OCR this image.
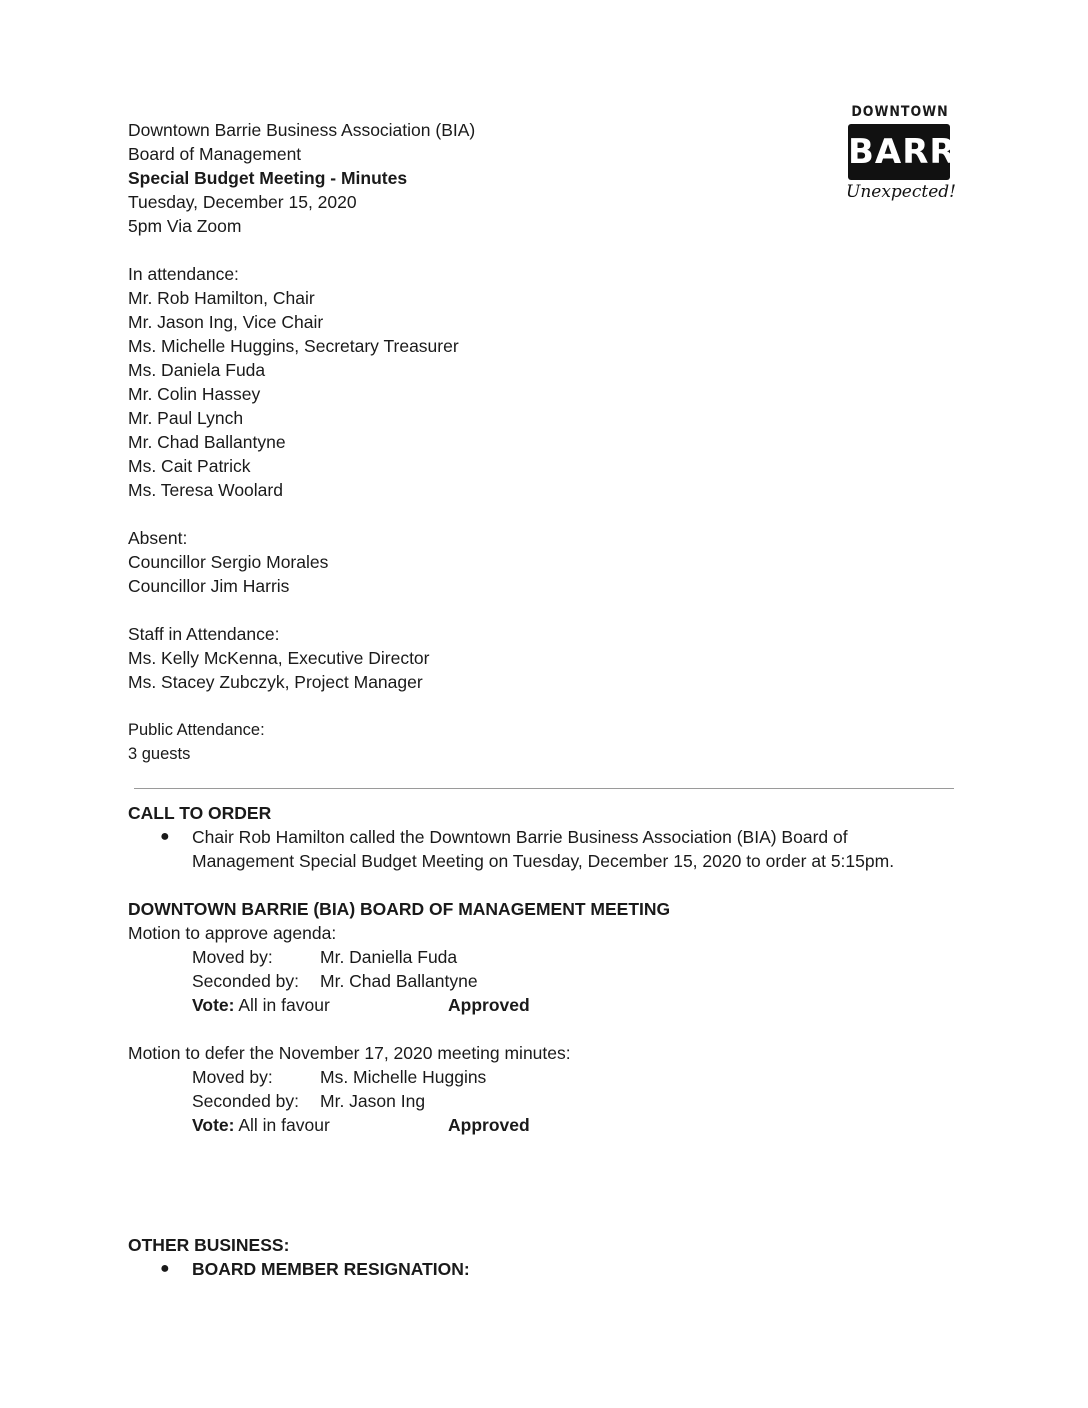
DOWNTOWN
BARRIE
Unexpected!
Downtown Barrie Business Association (BIA)
Board of Management
Special Budget Meeting - Minutes
Tuesday, December 15, 2020
5pm Via Zoom
In attendance:
Mr. Rob Hamilton, Chair
Mr. Jason Ing, Vice Chair
Ms. Michelle Huggins, Secretary Treasurer
Ms. Daniela Fuda
Mr. Colin Hassey
Mr. Paul Lynch
Mr. Chad Ballantyne
Ms. Cait Patrick
Ms. Teresa Woolard
Absent:
Councillor Sergio Morales
Councillor Jim Harris
Staff in Attendance:
Ms. Kelly McKenna, Executive Director
Ms. Stacey Zubczyk, Project Manager
Public Attendance:
3 guests
CALL TO ORDER
● Chair Rob Hamilton called the Downtown Barrie Business Association (BIA) Board of
Management Special Budget Meeting on Tuesday, December 15, 2020 to order at 5:15pm.
DOWNTOWN BARRIE (BIA) BOARD OF MANAGEMENT MEETING
Motion to approve agenda:
Moved by:	Mr. Daniella Fuda
Seconded by: Mr. Chad Ballantyne
Vote: All in favour	Approved
Motion to defer the November 17, 2020 meeting minutes:
Moved by:	Ms. Michelle Huggins
Seconded by: Mr. Jason Ing
Vote: All in favour	Approved
OTHER BUSINESS:
● BOARD MEMBER RESIGNATION:
